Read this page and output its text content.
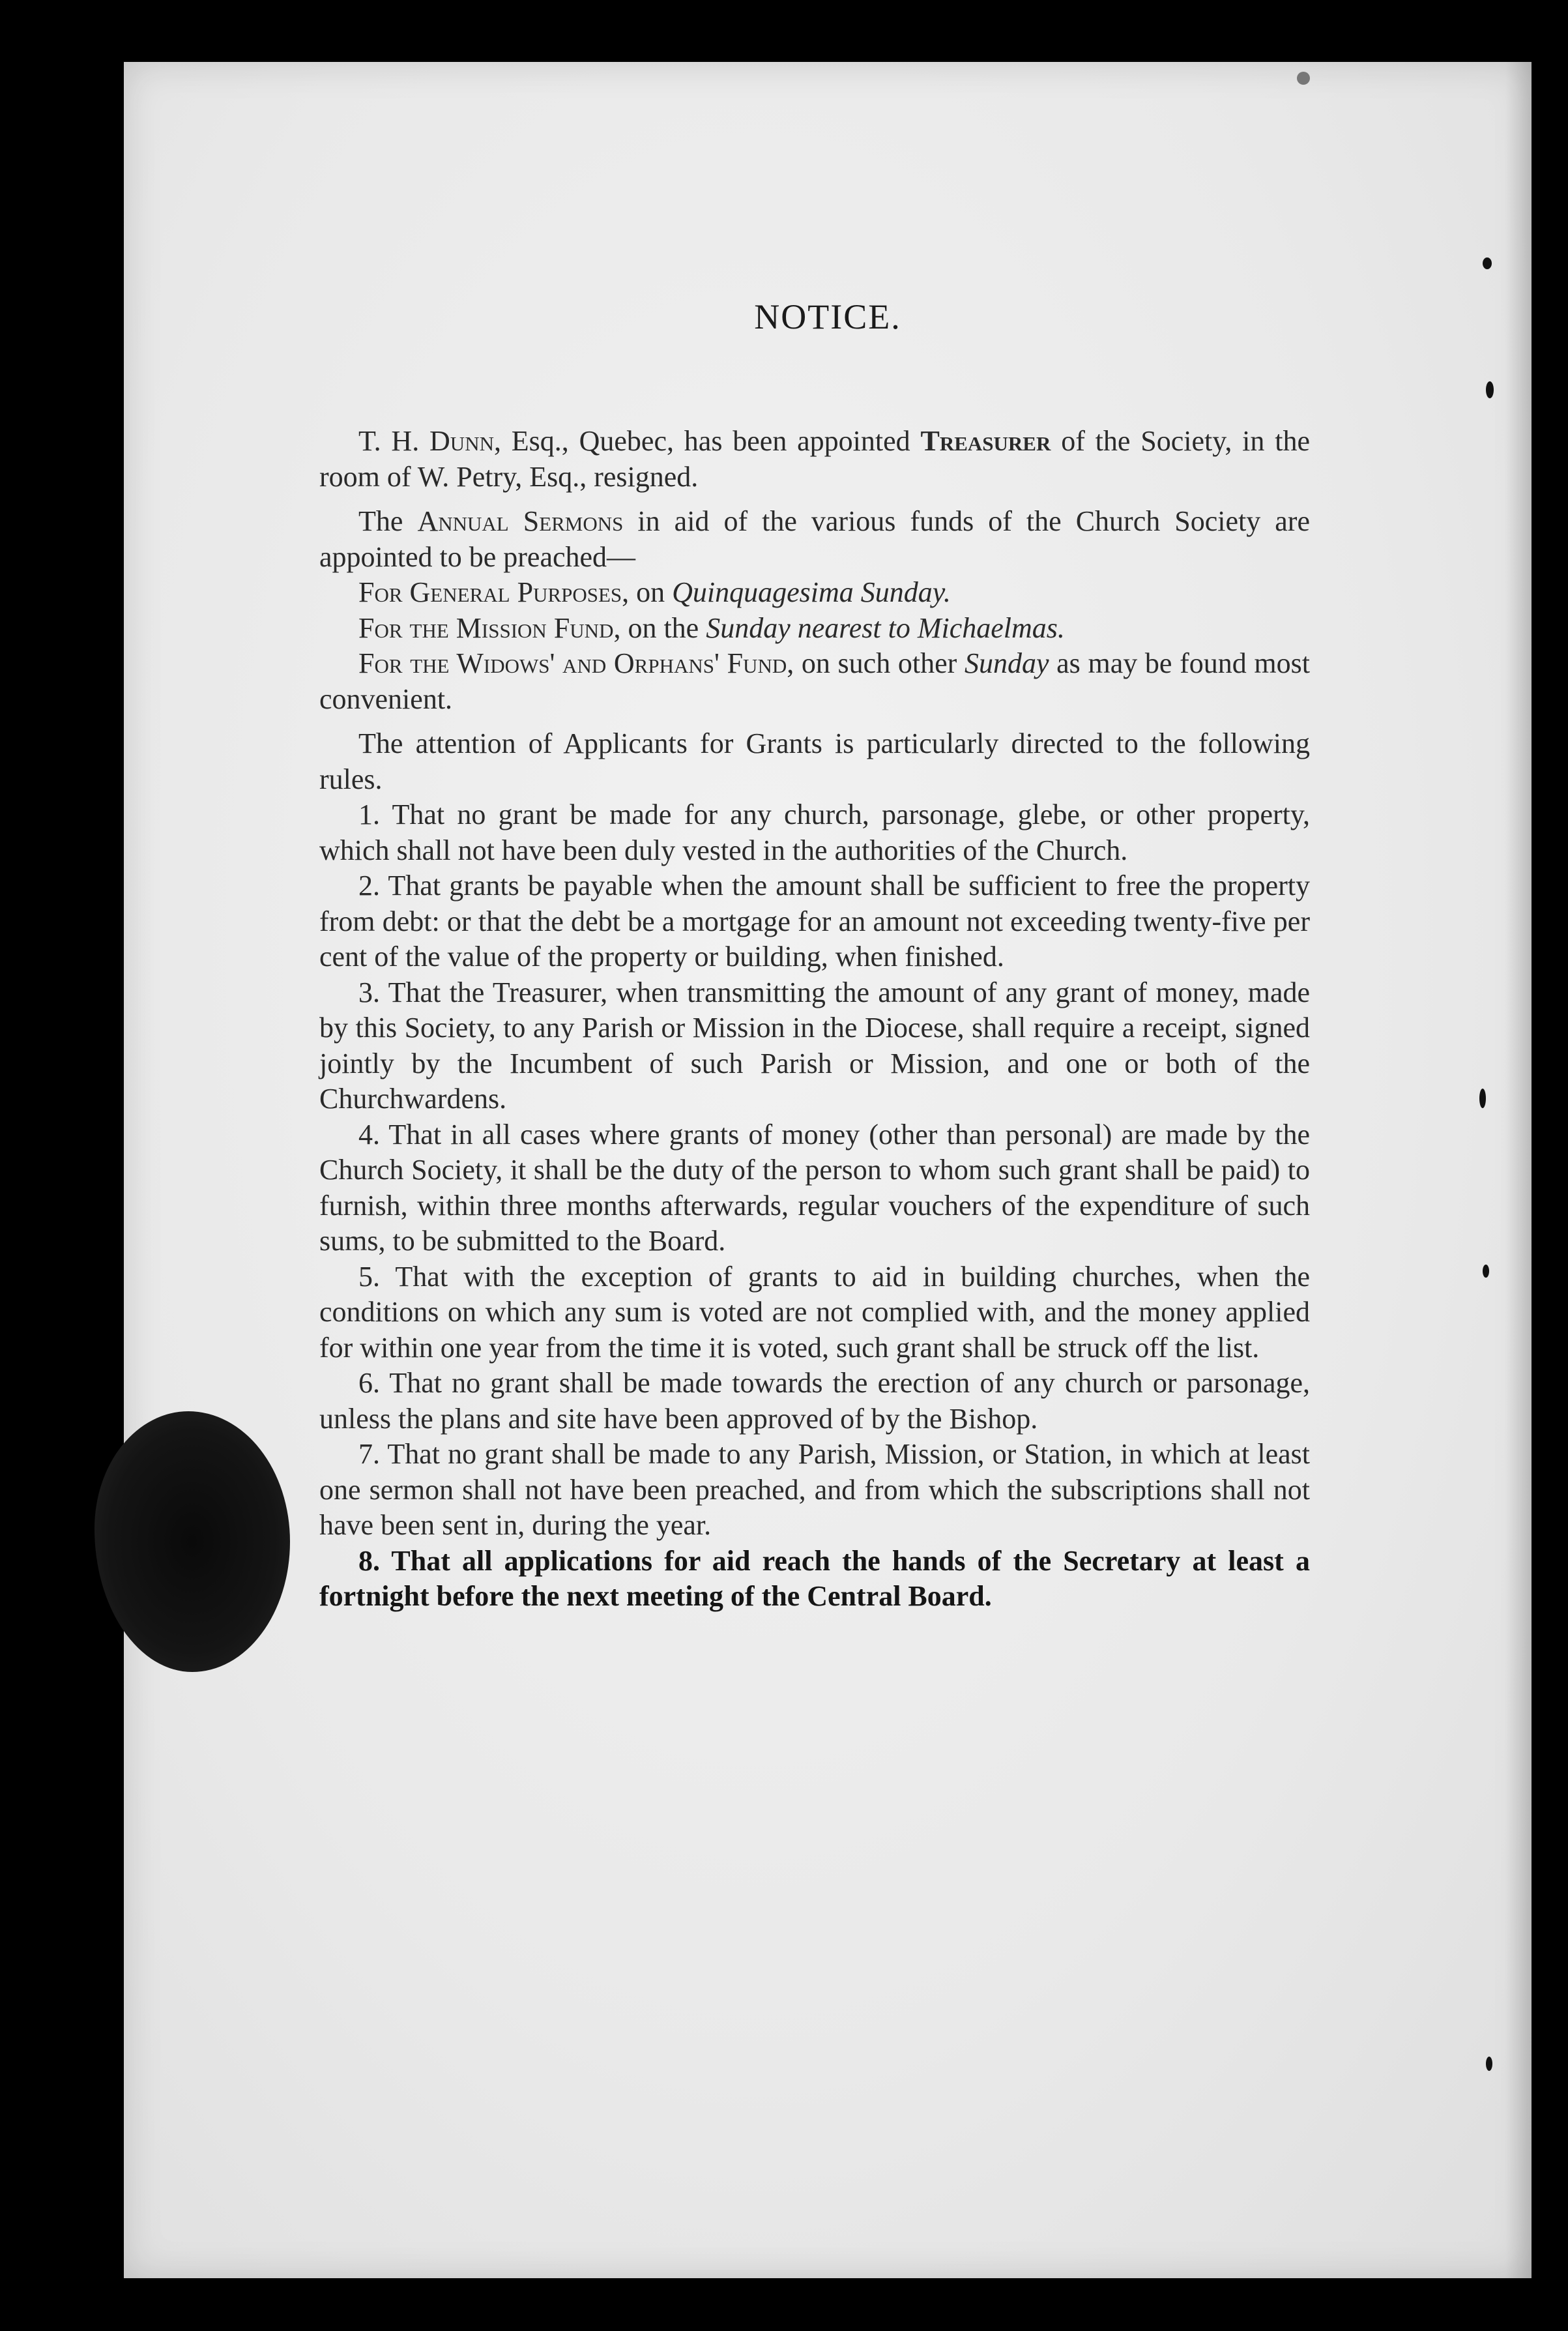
NOTICE.

T. H. Dunn, Esq., Quebec, has been appointed Treasurer of the Society, in the room of W. Petry, Esq., resigned.

The Annual Sermons in aid of the various funds of the Church Society are appointed to be preached—

For General Purposes, on Quinquagesima Sunday.

For the Mission Fund, on the Sunday nearest to Michaelmas.

For the Widows' and Orphans' Fund, on such other Sunday as may be found most convenient.

The attention of Applicants for Grants is particularly directed to the following rules.

1. That no grant be made for any church, parsonage, glebe, or other property, which shall not have been duly vested in the authorities of the Church.

2. That grants be payable when the amount shall be sufficient to free the property from debt: or that the debt be a mortgage for an amount not exceeding twenty-five per cent of the value of the property or building, when finished.

3. That the Treasurer, when transmitting the amount of any grant of money, made by this Society, to any Parish or Mission in the Diocese, shall require a receipt, signed jointly by the Incumbent of such Parish or Mission, and one or both of the Churchwardens.

4. That in all cases where grants of money (other than personal) are made by the Church Society, it shall be the duty of the person to whom such grant shall be paid) to furnish, within three months afterwards, regular vouchers of the expenditure of such sums, to be submitted to the Board.

5. That with the exception of grants to aid in building churches, when the conditions on which any sum is voted are not complied with, and the money applied for within one year from the time it is voted, such grant shall be struck off the list.

6. That no grant shall be made towards the erection of any church or parsonage, unless the plans and site have been approved of by the Bishop.

7. That no grant shall be made to any Parish, Mission, or Station, in which at least one sermon shall not have been preached, and from which the subscriptions shall not have been sent in, during the year.

8. That all applications for aid reach the hands of the Secretary at least a fortnight before the next meeting of the Central Board.
